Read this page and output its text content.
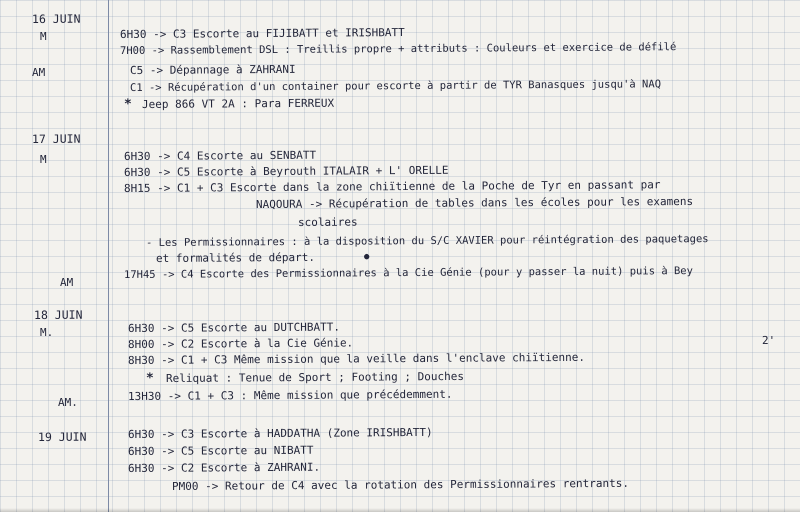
16 JUIN
M	6H30 -> C3 Escorte au FIJIBATT et IRISHBATT
7H00 -> Rassemblement DSL : Treillis propre + attributs : Couleurs et exercice de défilé
AM	C5 -> Dépannage à ZAHRANI
C1 -> Récupération d'un container pour escorte à partir de TYR Banasques jusqu'à NAQ
* Jeep 866 VT 2A : Para FERREUX
17 JUIN
M	6H30 -> C4 Escorte au SENBATT
6H30 -> C5 Escorte à Beyrouth ITALAIR + L' ORELLE
8H15 -> C1 + C3 Escorte dans la zone chiïtienne de la Poche de Tyr en passant par
NAQOURA -> Récupération de tables dans les écoles pour les examens
scolaires
- Les Permissionnaires : à la disposition du S/C XAVIER pour réintégration des paquetages
et formalités de départ.	●
AM
17H45 -> C4 Escorte des Permissionnaires à la Cie Génie (pour y passer la nuit) puis à Bey
18 JUIN
M.	6H30 -> C5 Escorte au DUTCHBATT.
8H00 -> C2 Escorte à la Cie Génie.	2'
8H30 -> C1 + C3 Même mission que la veille dans l'enclave chiïtienne.
* Reliquat : Tenue de Sport ; Footing ; Douches
AM.	13H30 -> C1 + C3 : Même mission que précédemment.
19 JUIN	6H30 -> C3 Escorte à HADDATHA (Zone IRISHBATT)
6H30 -> C5 Escorte au NIBATT
6H30 -> C2 Escorte à ZAHRANI.
PM00 -> Retour de C4 avec la rotation des Permissionnaires rentrants.
